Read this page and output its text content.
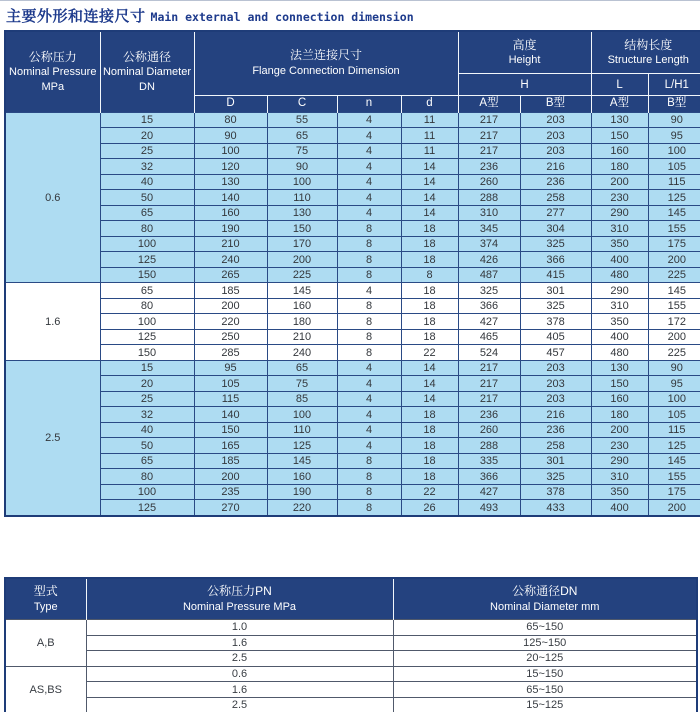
主要外形和连接尺寸 Main external and connection dimension
公称压力
Nominal Pressure
MPa	公称通径
Nominal Diameter
DN	法兰连接尺寸
Flange Connection Dimension				高度
Height		结构长度
Structure Length	

						H		L	L/H1
		D	C	n	d	A型	B型	A型	B型
0.6	15	80	55	4	11	217	203	130	90
	20	90	65	4	11	217	203	150	95
	25	100	75	4	11	217	203	160	100
	32	120	90	4	14	236	216	180	105
	40	130	100	4	14	260	236	200	115
	50	140	110	4	14	288	258	230	125
	65	160	130	4	14	310	277	290	145
	80	190	150	8	18	345	304	310	155
	100	210	170	8	18	374	325	350	175
	125	240	200	8	18	426	366	400	200
	150	265	225	8	8	487	415	480	225
1.6	65	185	145	4	18	325	301	290	145
	80	200	160	8	18	366	325	310	155
	100	220	180	8	18	427	378	350	172
	125	250	210	8	18	465	405	400	200
	150	285	240	8	22	524	457	480	225
2.5	15	95	65	4	14	217	203	130	90
	20	105	75	4	14	217	203	150	95
	25	115	85	4	14	217	203	160	100
	32	140	100	4	18	236	216	180	105
	40	150	110	4	18	260	236	200	115
	50	165	125	4	18	288	258	230	125
	65	185	145	8	18	335	301	290	145
	80	200	160	8	18	366	325	310	155
	100	235	190	8	22	427	378	350	175
	125	270	220	8	26	493	433	400	200
型式
Type	公称压力PN
Nominal Pressure MPa	公称通径DN
Nominal Diameter mm

A,B	1.0	65~150
	1.6	125~150
	2.5	20~125
AS,BS	0.6	15~150
	1.6	65~150
	2.5	15~125
